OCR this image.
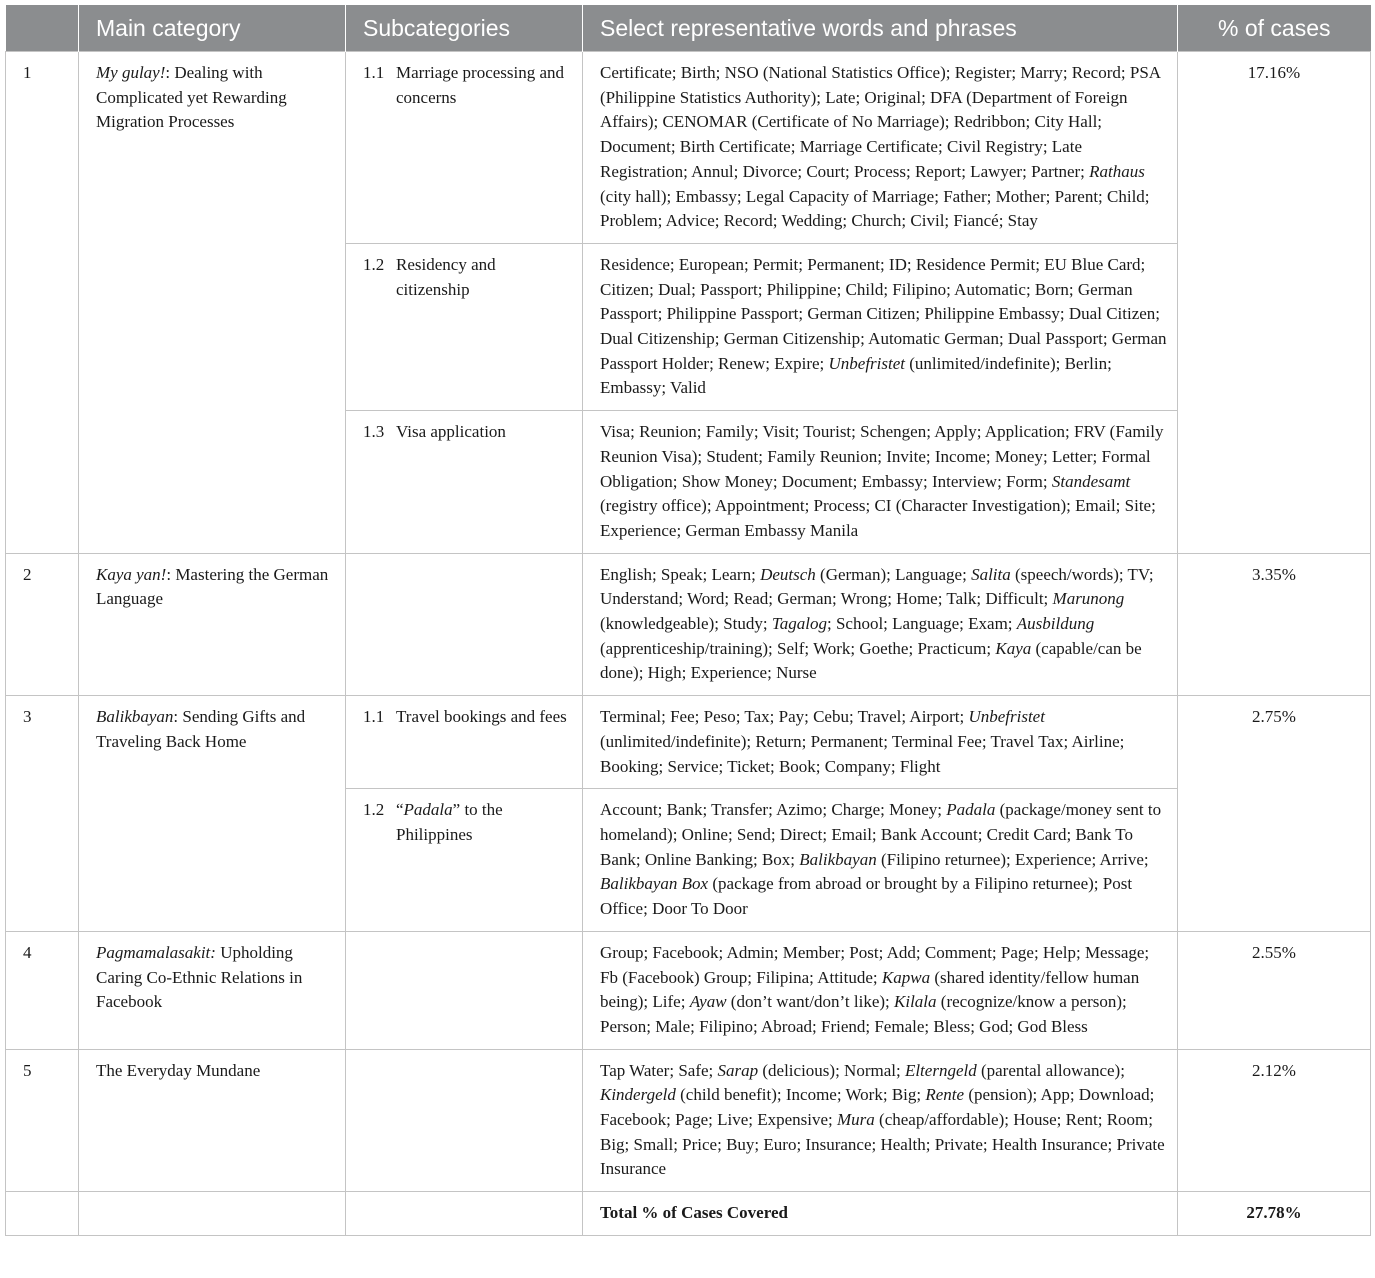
	Main category	Subcategories	Select representative words and phrases	% of cases
1	My gulay!: Dealing with Complicated yet Rewarding Migration Processes	1.1 Marriage processing and concerns	Certificate; Birth; NSO (National Statistics Office); Register; Marry; Record; PSA (Philippine Statistics Authority); Late; Original; DFA (Department of Foreign Affairs); CENOMAR (Certificate of No Marriage); Redribbon; City Hall; Document; Birth Certificate; Marriage Certificate; Civil Registry; Late Registration; Annul; Divorce; Court; Process; Report; Lawyer; Partner; Rathaus (city hall); Embassy; Legal Capacity of Marriage; Father; Mother; Parent; Child; Problem; Advice; Record; Wedding; Church; Civil; Fiancé; Stay	17.16%

		1.2 Residency and citizenship	Residence; European; Permit; Permanent; ID; Residence Permit; EU Blue Card; Citizen; Dual; Passport; Philippine; Child; Filipino; Automatic; Born; German Passport; Philippine Passport; German Citizen; Philippine Embassy; Dual Citizen; Dual Citizenship; German Citizenship; Automatic German; Dual Passport; German Passport Holder; Renew; Expire; Unbefristet (unlimited/indefinite); Berlin; Embassy; Valid	

		1.3 Visa application	Visa; Reunion; Family; Visit; Tourist; Schengen; Apply; Application; FRV (Family Reunion Visa); Student; Family Reunion; Invite; Income; Money; Letter; Formal Obligation; Show Money; Document; Embassy; Interview; Form; Standesamt (registry office); Appointment; Process; CI (Character Investigation); Email; Site; Experience; German Embassy Manila	
2	Kaya yan!: Mastering the German Language		English; Speak; Learn; Deutsch (German); Language; Salita (speech/words); TV; Understand; Word; Read; German; Wrong; Home; Talk; Difficult; Marunong (knowledgeable); Study; Tagalog; School; Language; Exam; Ausbildung (apprenticeship/training); Self; Work; Goethe; Practicum; Kaya (capable/can be done); High; Experience; Nurse	3.35%
3	Balikbayan: Sending Gifts and Traveling Back Home	1.1 Travel bookings and fees	Terminal; Fee; Peso; Tax; Pay; Cebu; Travel; Airport; Unbefristet (unlimited/indefinite); Return; Permanent; Terminal Fee; Travel Tax; Airline; Booking; Service; Ticket; Book; Company; Flight	2.75%

		1.2 “Padala” to the Philippines	Account; Bank; Transfer; Azimo; Charge; Money; Padala (package/money sent to homeland); Online; Send; Direct; Email; Bank Account; Credit Card; Bank To Bank; Online Banking; Box; Balikbayan (Filipino returnee); Experience; Arrive; Balikbayan Box (package from abroad or brought by a Filipino returnee); Post Office; Door To Door	
4	Pagmamalasakit: Upholding Caring Co-Ethnic Relations in Facebook		Group; Facebook; Admin; Member; Post; Add; Comment; Page; Help; Message; Fb (Facebook) Group; Filipina; Attitude; Kapwa (shared identity/fellow human being); Life; Ayaw (don’t want/don’t like); Kilala (recognize/know a person); Person; Male; Filipino; Abroad; Friend; Female; Bless; God; God Bless	2.55%
5	The Everyday Mundane		Tap Water; Safe; Sarap (delicious); Normal; Elterngeld (parental allowance); Kindergeld (child benefit); Income; Work; Big; Rente (pension); App; Download; Facebook; Page; Live; Expensive; Mura (cheap/affordable); House; Rent; Room; Big; Small; Price; Buy; Euro; Insurance; Health; Private; Health Insurance; Private Insurance	2.12%
			Total % of Cases Covered	27.78%
